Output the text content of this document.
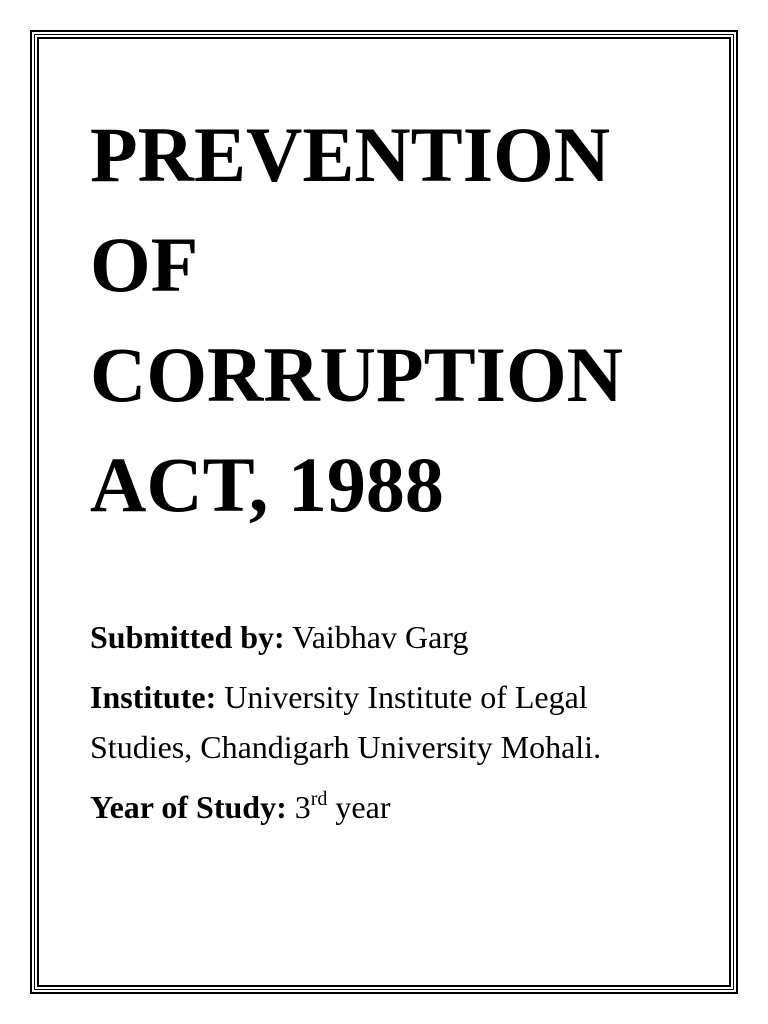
PREVENTION
OF
CORRUPTION
ACT, 1988

Submitted by: Vaibhav Garg

Institute: University Institute of Legal Studies, Chandigarh University Mohali.

Year of Study: 3rd year
